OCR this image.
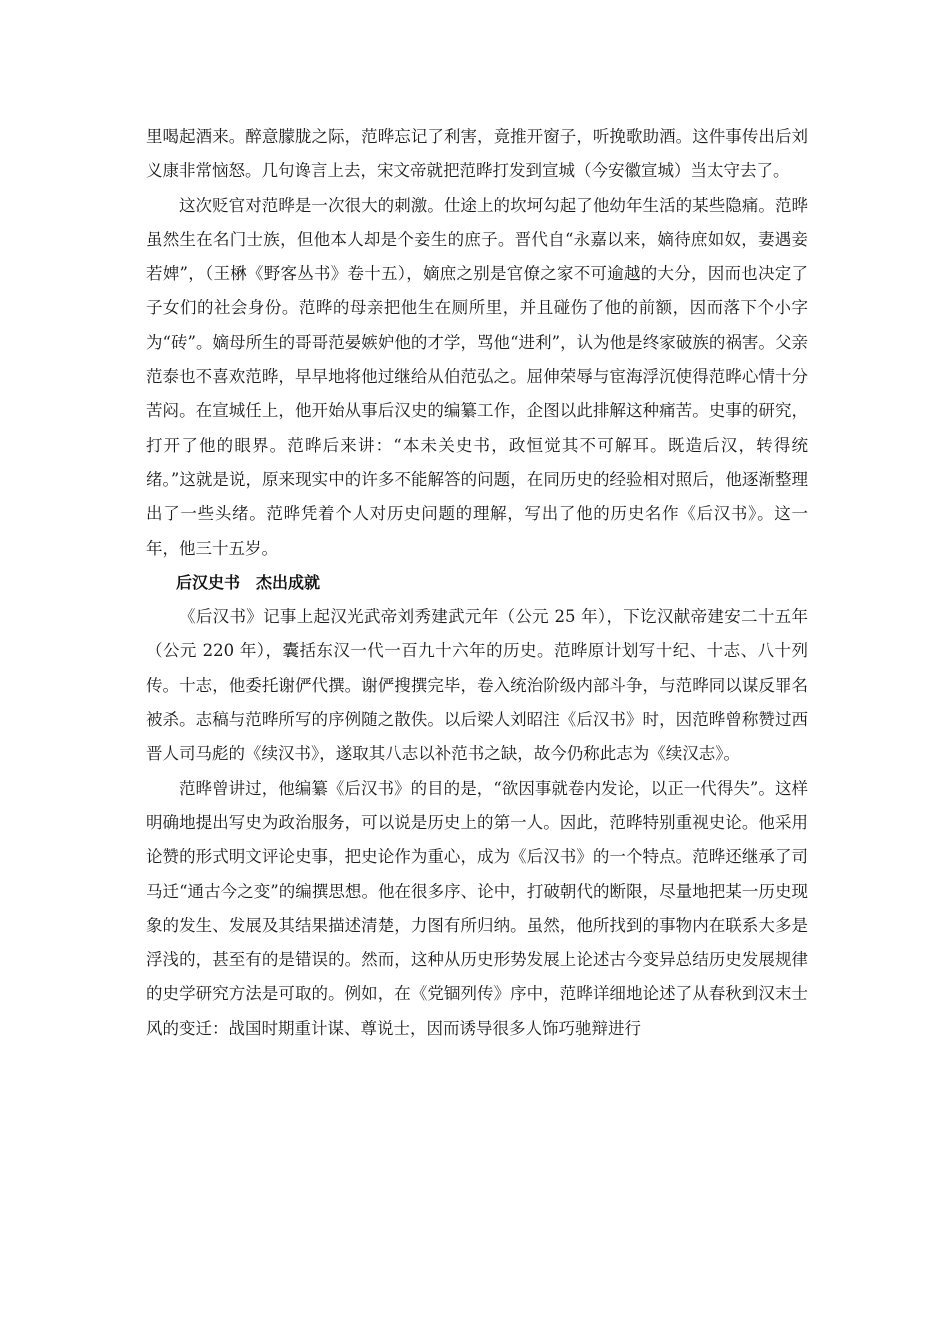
里喝起酒来。醉意朦胧之际，范晔忘记了利害，竟推开窗子，听挽歌助酒。这件事传出后刘义康非常恼怒。几句谗言上去，宋文帝就把范晔打发到宣城（今安徽宣城）当太守去了。

这次贬官对范晔是一次很大的刺激。仕途上的坎坷勾起了他幼年生活的某些隐痛。范晔虽然生在名门士族，但他本人却是个妾生的庶子。晋代自“永嘉以来，嫡待庶如奴，妻遇妾若婢”，（王楙《野客丛书》卷十五），嫡庶之别是官僚之家不可逾越的大分，因而也决定了子女们的社会身份。范晔的母亲把他生在厕所里，并且碰伤了他的前额，因而落下个小字为“砖”。嫡母所生的哥哥范晏嫉妒他的才学，骂他“进利”，认为他是终家破族的祸害。父亲范泰也不喜欢范晔，早早地将他过继给从伯范弘之。屈伸荣辱与宦海浮沉使得范晔心情十分苦闷。在宣城任上，他开始从事后汉史的编纂工作，企图以此排解这种痛苦。史事的研究，打开了他的眼界。范晔后来讲：“本未关史书，政恒觉其不可解耳。既造后汉，转得统绪。”这就是说，原来现实中的许多不能解答的问题，在同历史的经验相对照后，他逐渐整理出了一些头绪。范晔凭着个人对历史问题的理解，写出了他的历史名作《后汉书》。这一年，他三十五岁。

后汉史书　杰出成就

《后汉书》记事上起汉光武帝刘秀建武元年（公元 25 年），下讫汉献帝建安二十五年（公元 220 年），囊括东汉一代一百九十六年的历史。范晔原计划写十纪、十志、八十列传。十志，他委托谢俨代撰。谢俨搜撰完毕，卷入统治阶级内部斗争，与范晔同以谋反罪名被杀。志稿与范晔所写的序例随之散佚。以后梁人刘昭注《后汉书》时，因范晔曾称赞过西晋人司马彪的《续汉书》，遂取其八志以补范书之缺，故今仍称此志为《续汉志》。

范晔曾讲过，他编纂《后汉书》的目的是，“欲因事就卷内发论，以正一代得失”。这样明确地提出写史为政治服务，可以说是历史上的第一人。因此，范晔特别重视史论。他采用论赞的形式明文评论史事，把史论作为重心，成为《后汉书》的一个特点。范晔还继承了司马迁“通古今之变”的编撰思想。他在很多序、论中，打破朝代的断限，尽量地把某一历史现象的发生、发展及其结果描述清楚，力图有所归纳。虽然，他所找到的事物内在联系大多是浮浅的，甚至有的是错误的。然而，这种从历史形势发展上论述古今变异总结历史发展规律的史学研究方法是可取的。例如，在《党锢列传》序中，范晔详细地论述了从春秋到汉末士风的变迁：战国时期重计谋、尊说士，因而诱导很多人饰巧驰辩进行
